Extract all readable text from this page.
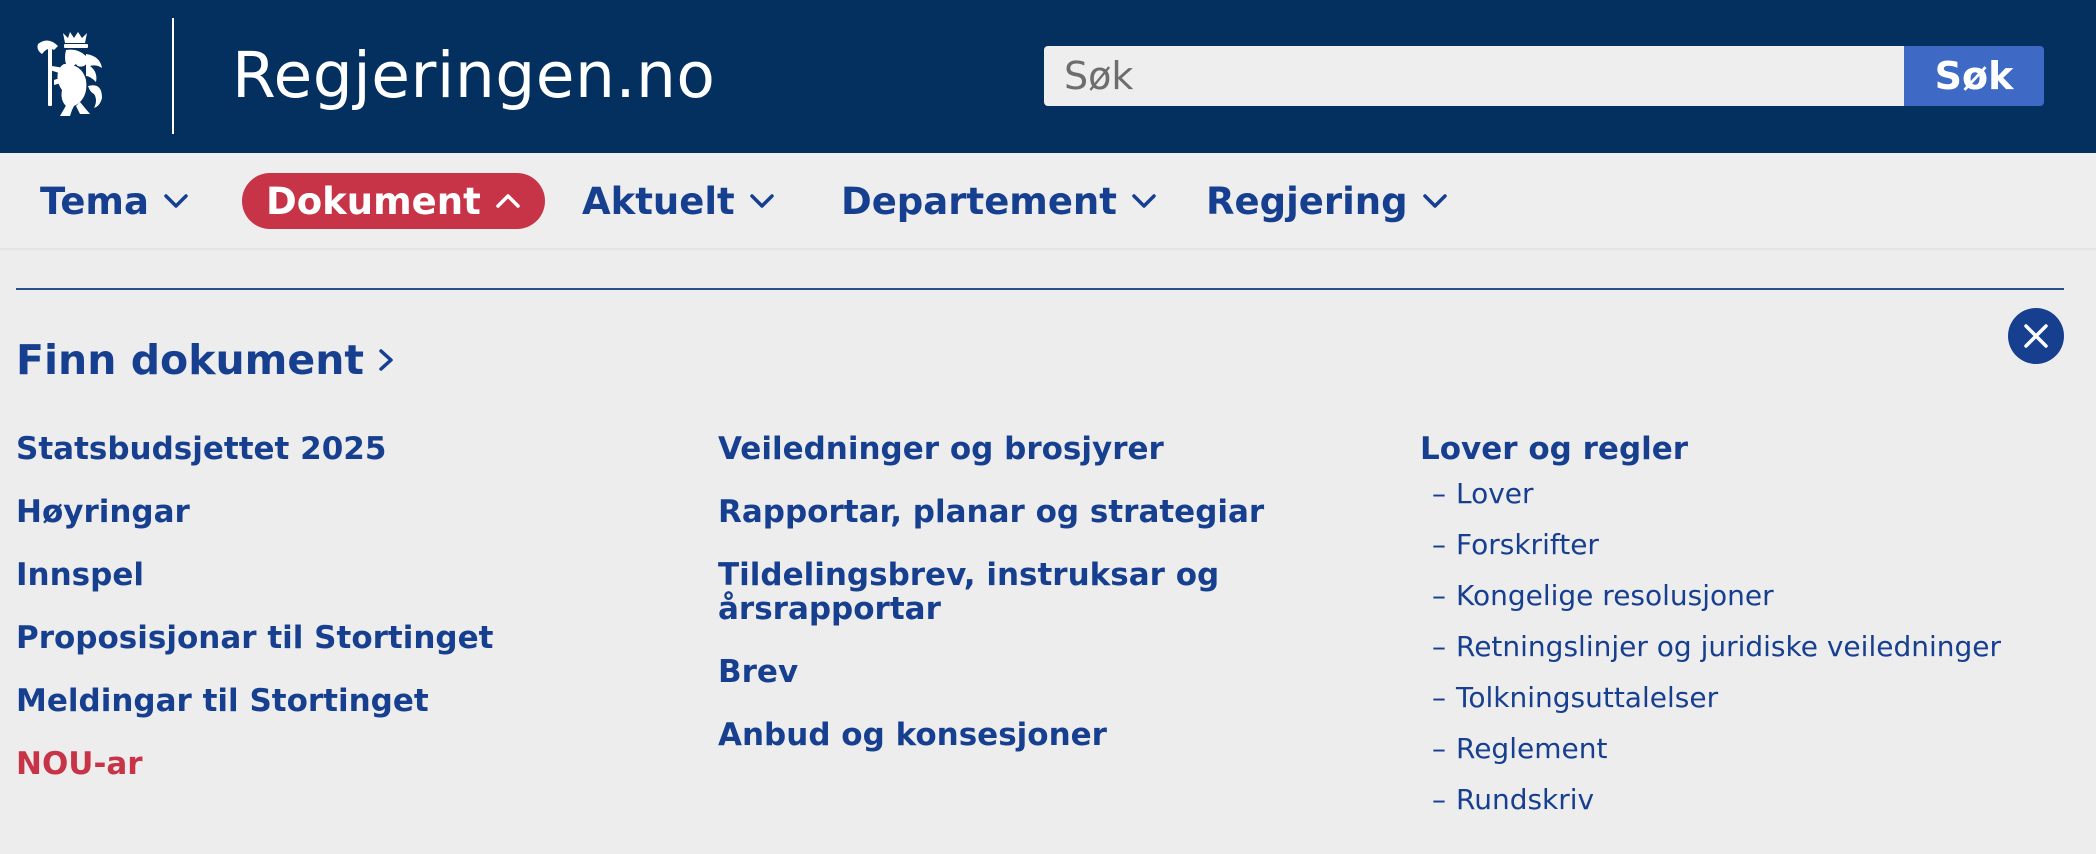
Regjeringen.no
Søk	Søk
Tema	Dokument	Aktuelt	Departement Regjering
Finn dokument
Statsbudsjettet 2025
Høyringar
Innspel
Proposisjonar til Stortinget
Meldingar til Stortinget
NOU-ar
Veiledninger og brosjyrer
Rapportar, planar og strategiar
Tildelingsbrev, instruksar og årsrapportar
Brev
Anbud og konsesjoner
Lover og regler
– Lover
– Forskrifter
– Kongelige resolusjoner
– Retningslinjer og juridiske veiledninger
– Tolkningsuttalelser
– Reglement
– Rundskriv
